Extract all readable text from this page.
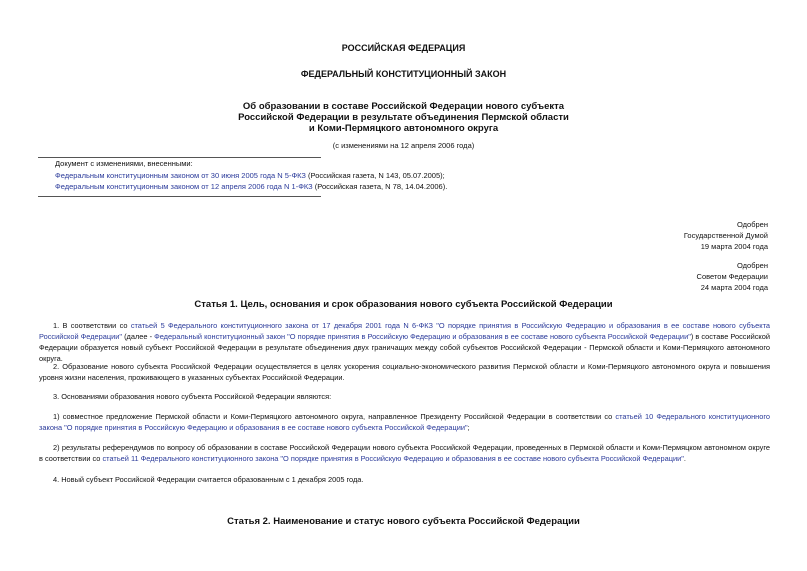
РОССИЙСКАЯ ФЕДЕРАЦИЯ
ФЕДЕРАЛЬНЫЙ КОНСТИТУЦИОННЫЙ ЗАКОН
Об образовании в составе Российской Федерации нового субъекта
Российской Федерации в результате объединения Пермской области
и Коми-Пермяцкого автономного округа
(с изменениями на 12 апреля 2006 года)
Документ с изменениями, внесенными:
Федеральным конституционным законом от 30 июня 2005 года N 5-ФКЗ (Российская газета, N 143, 05.07.2005);
Федеральным конституционным законом от 12 апреля 2006 года N 1-ФКЗ (Российская газета, N 78, 14.04.2006).
Одобрен
Государственной Думой
19 марта 2004 года
Одобрен
Советом Федерации
24 марта 2004 года
Статья 1. Цель, основания и срок образования нового субъекта Российской Федерации
1. В соответствии со статьей 5 Федерального конституционного закона от 17 декабря 2001 года N 6-ФКЗ "О порядке принятия в Российскую Федерацию и образования в ее составе нового субъекта Российской Федерации" (далее - Федеральный конституционный закон "О порядке принятия в Российскую Федерацию и образования в ее составе нового субъекта Российской Федерации") в составе Российской Федерации образуется новый субъект Российской Федерации в результате объединения двух граничащих между собой субъектов Российской Федерации - Пермской области и Коми-Пермяцкого автономного округа.
2. Образование нового субъекта Российской Федерации осуществляется в целях ускорения социально-экономического развития Пермской области и Коми-Пермяцкого автономного округа и повышения уровня жизни населения, проживающего в указанных субъектах Российской Федерации.
3. Основаниями образования нового субъекта Российской Федерации являются:
1) совместное предложение Пермской области и Коми-Пермяцкого автономного округа, направленное Президенту Российской Федерации в соответствии со статьей 10 Федерального конституционного закона "О порядке принятия в Российскую Федерацию и образования в ее составе нового субъекта Российской Федерации";
2) результаты референдумов по вопросу об образовании в составе Российской Федерации нового субъекта Российской Федерации, проведенных в Пермской области и Коми-Пермяцком автономном округе в соответствии со статьей 11 Федерального конституционного закона "О порядке принятия в Российскую Федерацию и образования в ее составе нового субъекта Российской Федерации".
4. Новый субъект Российской Федерации считается образованным с 1 декабря 2005 года.
Статья 2. Наименование и статус нового субъекта Российской Федерации
